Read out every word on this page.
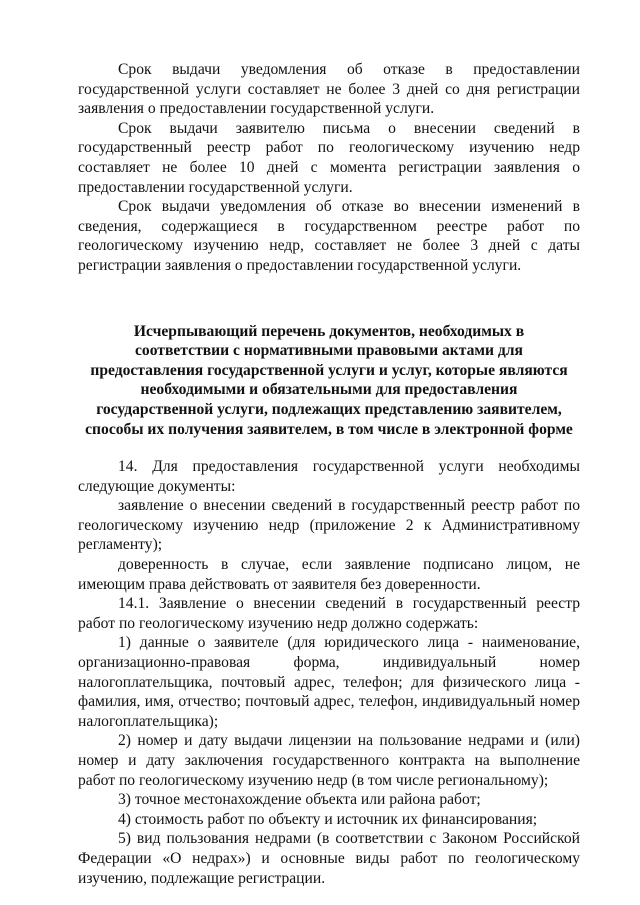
Срок выдачи уведомления об отказе в предоставлении государственной услуги составляет не более 3 дней со дня регистрации заявления о предоставлении государственной услуги.

Срок выдачи заявителю письма о внесении сведений в государственный реестр работ по геологическому изучению недр составляет не более 10 дней с момента регистрации заявления о предоставлении государственной услуги.

Срок выдачи уведомления об отказе во внесении изменений в сведения, содержащиеся в государственном реестре работ по геологическому изучению недр, составляет не более 3 дней с даты регистрации заявления о предоставлении государственной услуги.

Исчерпывающий перечень документов, необходимых в
соответствии с нормативными правовыми актами для
предоставления государственной услуги и услуг, которые являются
необходимыми и обязательными для предоставления
государственной услуги, подлежащих представлению заявителем,
способы их получения заявителем, в том числе в электронной форме

14. Для предоставления государственной услуги необходимы следующие документы:

заявление о внесении сведений в государственный реестр работ по геологическому изучению недр (приложение 2 к Административному регламенту);

доверенность в случае, если заявление подписано лицом, не имеющим права действовать от заявителя без доверенности.

14.1. Заявление о внесении сведений в государственный реестр работ по геологическому изучению недр должно содержать:

1) данные о заявителе (для юридического лица - наименование, организационно-правовая форма, индивидуальный номер налогоплательщика, почтовый адрес, телефон; для физического лица - фамилия, имя, отчество; почтовый адрес, телефон, индивидуальный номер налогоплательщика);

2) номер и дату выдачи лицензии на пользование недрами и (или) номер и дату заключения государственного контракта на выполнение работ по геологическому изучению недр (в том числе региональному);

3) точное местонахождение объекта или района работ;

4) стоимость работ по объекту и источник их финансирования;

5) вид пользования недрами (в соответствии с Законом Российской Федерации «О недрах») и основные виды работ по геологическому изучению, подлежащие регистрации.
